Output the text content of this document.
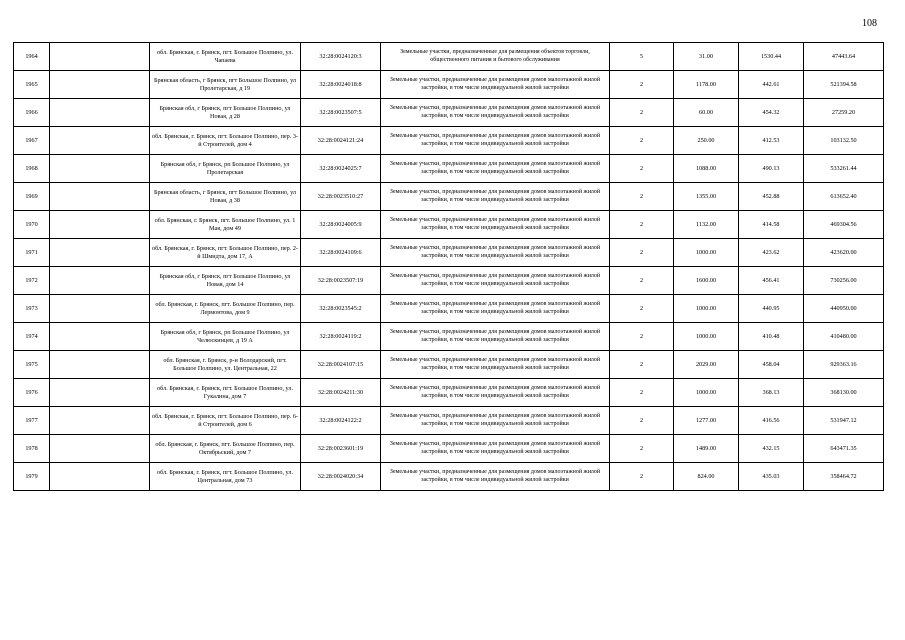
108
1964		обл. Брянская, г. Брянск, пгт. Большое Полпино, ул. Чапаева	32:28:0024120:3	Земельные участки, предназначенные для размещения объектов торговли, общественного питания и бытового обслуживания	5	31.00	1530.44	47443.64
1965		Брянская область, г Брянск, пгт Большое Полпино, ул Пролетарская, д 19	32:28:0024018:8	Земельные участки, предназначенные для размещения домов малоэтажной жилой застройки, в том числе индивидуальной жилой застройки	2	1178.00	442.61	521394.58
1966		Брянская обл, г Брянск, пгт Большое Полпино, ул Новая, д 28	32:28:0023507:5	Земельные участки, предназначенные для размещения домов малоэтажной жилой застройки, в том числе индивидуальной жилой застройки	2	60.00	454.32	27259.20
1967		обл. Брянская, г. Брянск, пгт. Большое Полпино, пер. 3-й Строителей, дом 4	32:28:0024121:24	Земельные участки, предназначенные для размещения домов малоэтажной жилой застройки, в том числе индивидуальной жилой застройки	2	250.00	412.53	103132.50
1968		Брянская обл, г Брянск, рп Большое Полпино, ул Пролетарская	32:28:0024025:7	Земельные участки, предназначенные для размещения домов малоэтажной жилой застройки, в том числе индивидуальной жилой застройки	2	1088.00	490.13	533261.44
1969		Брянская область, г Брянск, пгт Большое Полпино, ул Новая, д 38	32:28:0023510:27	Земельные участки, предназначенные для размещения домов малоэтажной жилой застройки, в том числе индивидуальной жилой застройки	2	1355.00	452.88	613652.40
1970		обл. Брянская, г. Брянск, пгт. Большое Полпино, ул. 1 Мая, дом 49	32:28:0024005:9	Земельные участки, предназначенные для размещения домов малоэтажной жилой застройки, в том числе индивидуальной жилой застройки	2	1132.00	414.58	469304.56
1971		обл. Брянская, г. Брянск, пгт. Большое Полпино, пер. 2-й Шмидта, дом 17, А	32:28:0024109:6	Земельные участки, предназначенные для размещения домов малоэтажной жилой застройки, в том числе индивидуальной жилой застройки	2	1000.00	423.62	423620.00
1972		Брянская обл, г Брянск, пгт Большое Полпино, ул Новая, дом 14	32:28:0023507:19	Земельные участки, предназначенные для размещения домов малоэтажной жилой застройки, в том числе индивидуальной жилой застройки	2	1600.00	456.41	730256.00
1973		обл. Брянская, г. Брянск, пгт. Большое Полпино, пер. Лермонтова, дом 9	32:28:0023545:2	Земельные участки, предназначенные для размещения домов малоэтажной жилой застройки, в том числе индивидуальной жилой застройки	2	1000.00	440.95	440950.00
1974		Брянская обл, г Брянск, рп Большое Полпино, ул Челюскинцев, д 19 А	32:28:0024119:2	Земельные участки, предназначенные для размещения домов малоэтажной жилой застройки, в том числе индивидуальной жилой застройки	2	1000.00	410.48	410480.00
1975		обл. Брянская, г. Брянск, р-н Володарский, пгт. Большое Полпино, ул. Центральная, 22	32:28:0024107:15	Земельные участки, предназначенные для размещения домов малоэтажной жилой застройки, в том числе индивидуальной жилой застройки	2	2029.00	458.04	929363.16
1976		обл. Брянская, г. Брянск, пгт. Большое Полпино, ул. Гукалина, дом 7	32:28:0024211:30	Земельные участки, предназначенные для размещения домов малоэтажной жилой застройки, в том числе индивидуальной жилой застройки	2	1000.00	368.13	368130.00
1977		обл. Брянская, г. Брянск, пгт. Большое Полпино, пер. 6-й Строителей, дом 6	32:28:0024122:2	Земельные участки, предназначенные для размещения домов малоэтажной жилой застройки, в том числе индивидуальной жилой застройки	2	1277.00	416.56	531947.12
1978		обл. Брянская, г. Брянск, пгт. Большое Полпино, пер. Октябрьский, дом 7	32:28:0023601:19	Земельные участки, предназначенные для размещения домов малоэтажной жилой застройки, в том числе индивидуальной жилой застройки	2	1489.00	432.15	643471.35
1979		обл. Брянская, г. Брянск, пгт. Большое Полпино, ул. Центральная, дом 73	32:28:0024020:34	Земельные участки, предназначенные для размещения домов малоэтажной жилой застройки, в том числе индивидуальной жилой застройки	2	824.00	435.03	358464.72
